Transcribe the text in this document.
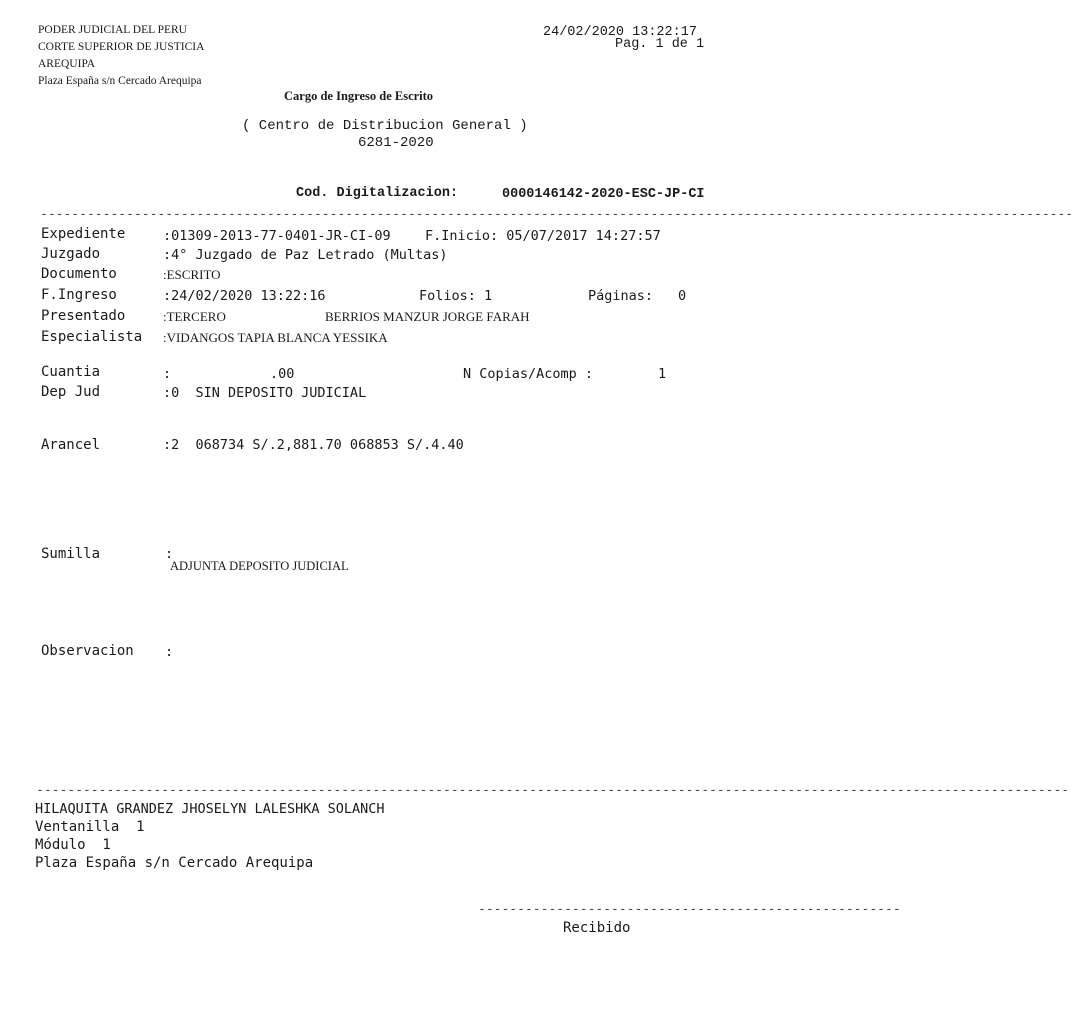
PODER JUDICIAL DEL PERU
CORTE SUPERIOR DE JUSTICIA
AREQUIPA
Plaza España s/n Cercado Arequipa
24/02/2020 13:22:17
Pag. 1 de 1
Cargo de Ingreso de Escrito
( Centro de Distribucion General )
6281-2020
Cod. Digitalizacion:	0000146142-2020-ESC-JP-CI
------------------------------------------------------------------------------------------------------------------------------------
Expediente	:01309-2013-77-0401-JR-CI-09	F.Inicio: 05/07/2017 14:27:57
Juzgado	:4° Juzgado de Paz Letrado (Multas)
Documento	:ESCRITO
F.Ingreso	:24/02/2020 13:22:16	Folios: 1	Páginas: 0
Presentado	:TERCERO	BERRIOS MANZUR JORGE FARAH
Especialista :VIDANGOS TAPIA BLANCA YESSIKA
Cuantia	:	.00	N Copias/Acomp :	1
Dep Jud	:0  SIN DEPOSITO JUDICIAL
Arancel	:2  068734 S/.2,881.70 068853 S/.4.40
Sumilla	:
ADJUNTA DEPOSITO JUDICIAL
Observacion :
------------------------------------------------------------------------------------------------------------------------------------
HILAQUITA GRANDEZ JHOSELYN LALESHKA SOLANCH
Ventanilla  1
Módulo  1
Plaza España s/n Cercado Arequipa
------------------------------------------------------
Recibido
